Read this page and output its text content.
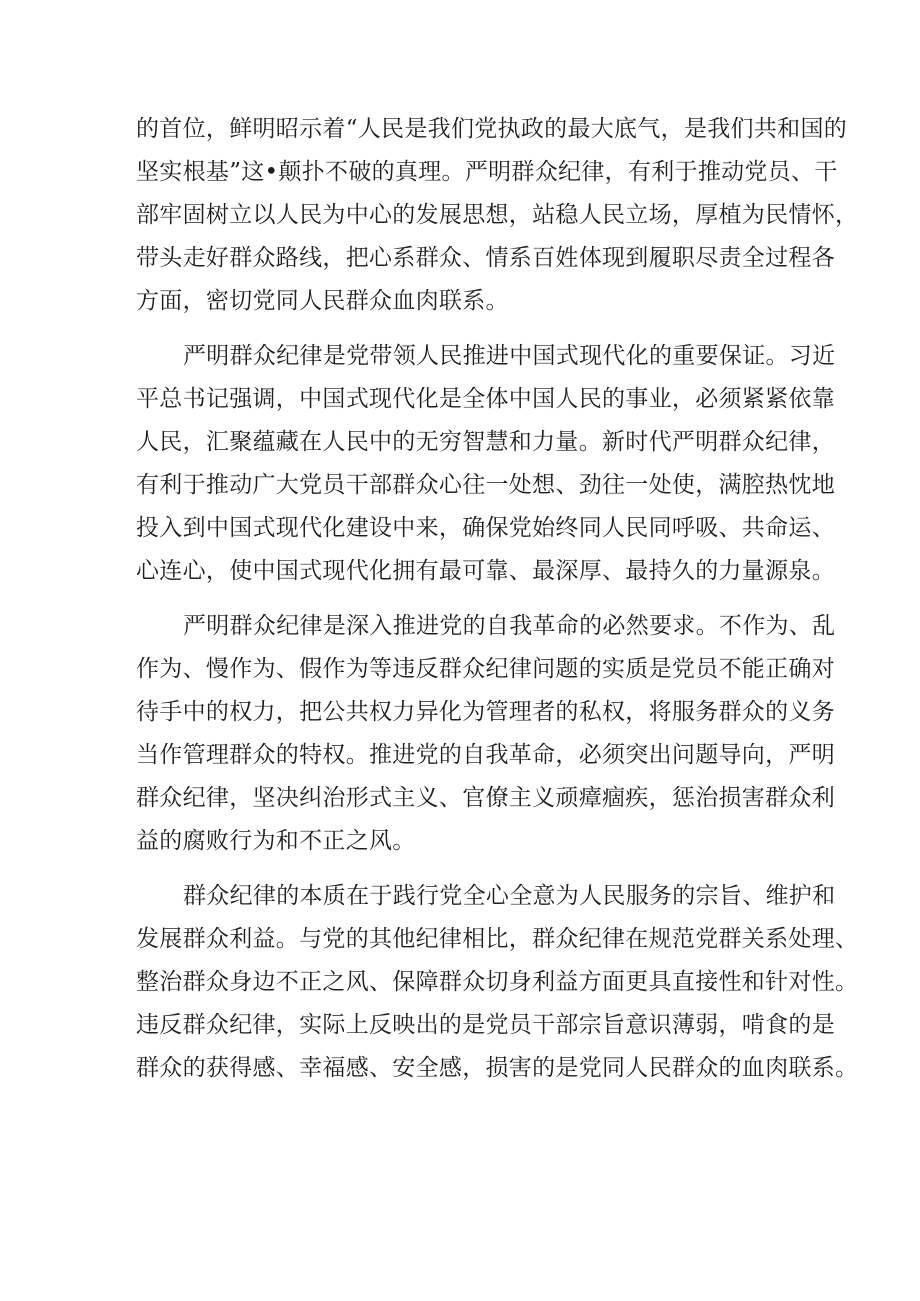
的首位，鲜明昭示着“人民是我们党执政的最大底气，是我们共和国的
坚实根基”这•颠扑不破的真理。严明群众纪律，有利于推动党员、干
部牢固树立以人民为中心的发展思想，站稳人民立场，厚植为民情怀，
带头走好群众路线，把心系群众、情系百姓体现到履职尽责全过程各
方面，密切党同人民群众血肉联系。
严明群众纪律是党带领人民推进中国式现代化的重要保证。习近
平总书记强调，中国式现代化是全体中国人民的事业，必须紧紧依靠
人民，汇聚蕴藏在人民中的无穷智慧和力量。新时代严明群众纪律，
有利于推动广大党员干部群众心往一处想、劲往一处使，满腔热忱地
投入到中国式现代化建设中来，确保党始终同人民同呼吸、共命运、
心连心，使中国式现代化拥有最可靠、最深厚、最持久的力量源泉。
严明群众纪律是深入推进党的自我革命的必然要求。不作为、乱
作为、慢作为、假作为等违反群众纪律问题的实质是党员不能正确对
待手中的权力，把公共权力异化为管理者的私权，将服务群众的义务
当作管理群众的特权。推进党的自我革命，必须突出问题导向，严明
群众纪律，坚决纠治形式主义、官僚主义顽瘴痼疾，惩治损害群众利
益的腐败行为和不正之风。
群众纪律的本质在于践行党全心全意为人民服务的宗旨、维护和
发展群众利益。与党的其他纪律相比，群众纪律在规范党群关系处理、
整治群众身边不正之风、保障群众切身利益方面更具直接性和针对性。
违反群众纪律，实际上反映出的是党员干部宗旨意识薄弱，啃食的是
群众的获得感、幸福感、安全感，损害的是党同人民群众的血肉联系。
